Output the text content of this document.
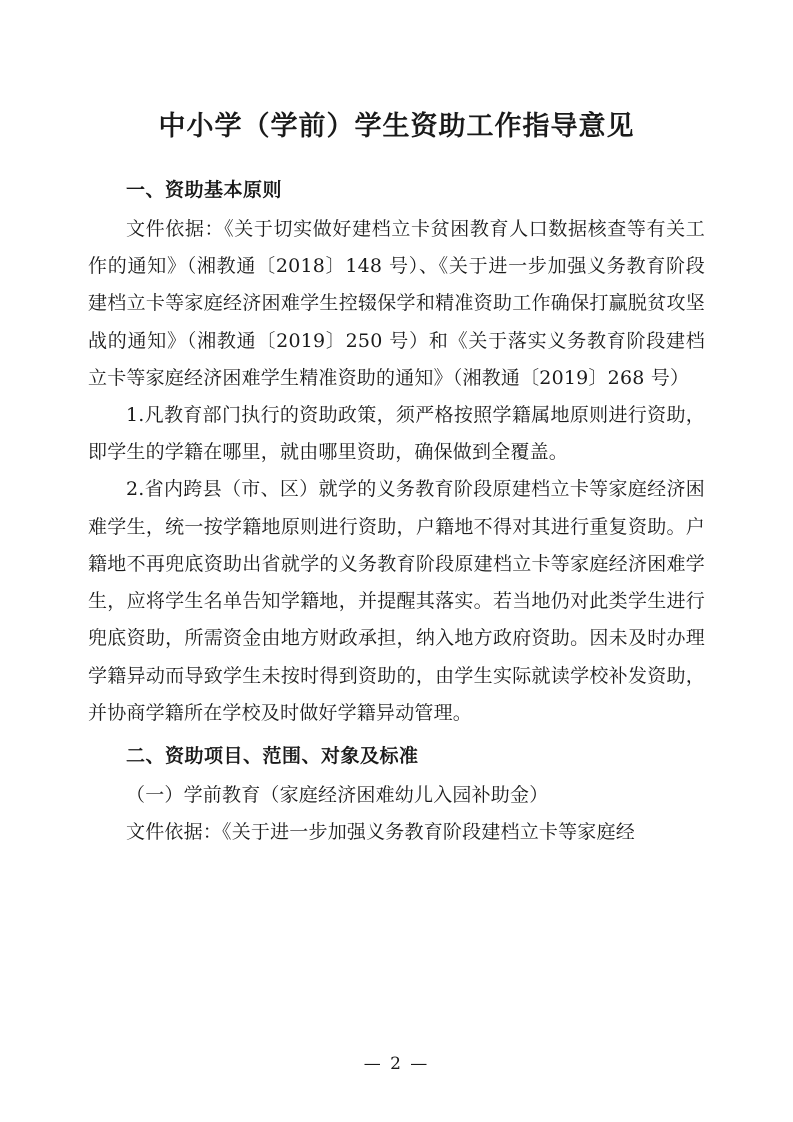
中小学（学前）学生资助工作指导意见

一、资助基本原则

文件依据：《关于切实做好建档立卡贫困教育人口数据核查等有关工作的通知》（湘教通〔2018〕148 号）、《关于进一步加强义务教育阶段建档立卡等家庭经济困难学生控辍保学和精准资助工作确保打赢脱贫攻坚战的通知》（湘教通〔2019〕250 号）和《关于落实义务教育阶段建档立卡等家庭经济困难学生精准资助的通知》（湘教通〔2019〕268 号）

1.凡教育部门执行的资助政策，须严格按照学籍属地原则进行资助，即学生的学籍在哪里，就由哪里资助，确保做到全覆盖。

2.省内跨县（市、区）就学的义务教育阶段原建档立卡等家庭经济困难学生，统一按学籍地原则进行资助，户籍地不得对其进行重复资助。户籍地不再兜底资助出省就学的义务教育阶段原建档立卡等家庭经济困难学生，应将学生名单告知学籍地，并提醒其落实。若当地仍对此类学生进行兜底资助，所需资金由地方财政承担，纳入地方政府资助。因未及时办理学籍异动而导致学生未按时得到资助的，由学生实际就读学校补发资助，并协商学籍所在学校及时做好学籍异动管理。

二、资助项目、范围、对象及标准

（一）学前教育（家庭经济困难幼儿入园补助金）

文件依据：《关于进一步加强义务教育阶段建档立卡等家庭经

— 2 —
